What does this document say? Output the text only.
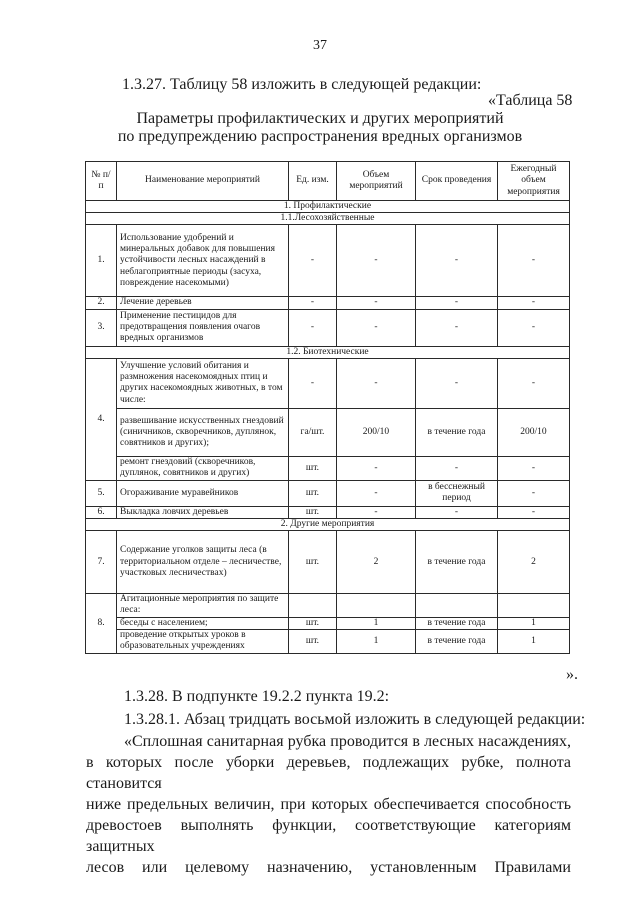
37
1.3.27. Таблицу 58 изложить в следующей редакции:
«Таблица 58
Параметры профилактических и других мероприятий
по предупреждению распространения вредных организмов
№ п/п	Наименование мероприятий	Ед. изм.	Объем мероприятий	Срок проведения	Ежегодный объем мероприятия
1. Профилактические					
1.1.Лесохозяйственные					
1.	Использование удобрений и минеральных добавок для повышения устойчивости лесных насаждений в неблагоприятные периоды (засуха, повреждение насекомыми)	-	-	-	-
2.	Лечение деревьев	-	-	-	-
3.	Применение пестицидов для предотвращения появления очагов вредных организмов	-	-	-	-
1.2. Биотехнические					
4.	Улучшение условий обитания и размножения насекомоядных птиц и других насекомоядных животных, в том числе:	-	-	-	-
	развешивание искусственных гнездовий (синичников, скворечников, дуплянок, совятников и других);	га/шт.	200/10	в течение года	200/10
	ремонт гнездовий (скворечников, дуплянок, совятников и других)	шт.	-	-	-
5.	Огораживание муравейников	шт.	-	в бесснежный период	-
6.	Выкладка ловчих деревьев	шт.	-	-	-
2. Другие мероприятия					
7.	Содержание уголков защиты леса (в территориальном отделе – лесничестве, участковых лесничествах)	шт.	2	в течение года	2
8.	Агитационные мероприятия по защите леса:				
	беседы с населением;	шт.	1	в течение года	1
	проведение открытых уроков в образовательных учреждениях	шт.	1	в течение года	1
».
1.3.28. В подпункте 19.2.2 пункта 19.2:
1.3.28.1. Абзац тридцать восьмой изложить в следующей редакции:
«Сплошная санитарная рубка проводится в лесных насаждениях,
в которых после уборки деревьев, подлежащих рубке, полнота становится
ниже предельных величин, при которых обеспечивается способность
древостоев выполнять функции, соответствующие категориям защитных
лесов или целевому назначению, установленным Правилами
